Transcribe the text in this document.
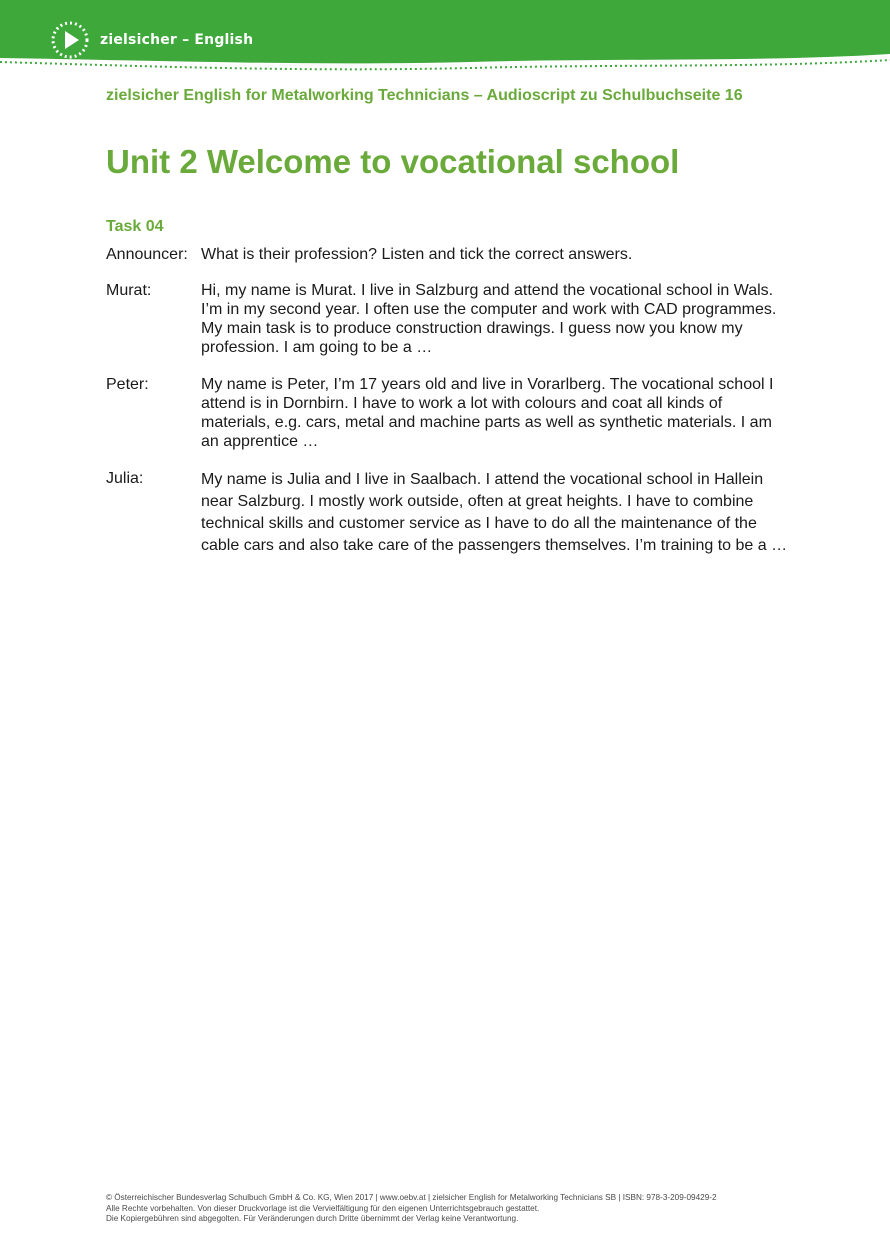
zielsicher – English
zielsicher English for Metalworking Technicians – Audioscript zu Schulbuchseite 16
Unit 2 Welcome to vocational school
Task 04
Announcer: What is their profession? Listen and tick the correct answers.
Murat:	Hi, my name is Murat. I live in Salzburg and attend the vocational school in Wals. I’m in my second year. I often use the computer and work with CAD programmes. My main task is to produce construction drawings. I guess now you know my profession. I am going to be a …
Peter:	My name is Peter, I’m 17 years old and live in Vorarlberg. The vocational school I attend is in Dornbirn. I have to work a lot with colours and coat all kinds of materials, e.g. cars, metal and machine parts as well as synthetic materials. I am an apprentice …
Julia:	My name is Julia and I live in Saalbach. I attend the vocational school in Hallein near Salzburg. I mostly work outside, often at great heights. I have to combine technical skills and customer service as I have to do all the maintenance of the cable cars and also take care of the passengers themselves. I’m training to be a …
© Österreichischer Bundesverlag Schulbuch GmbH & Co. KG, Wien 2017 | www.oebv.at | zielsicher English for Metalworking Technicians SB | ISBN: 978-3-209-09429-2
Alle Rechte vorbehalten. Von dieser Druckvorlage ist die Vervielfältigung für den eigenen Unterrichtsgebrauch gestattet.
Die Kopiergebühren sind abgegolten. Für Veränderungen durch Dritte übernimmt der Verlag keine Verantwortung.
